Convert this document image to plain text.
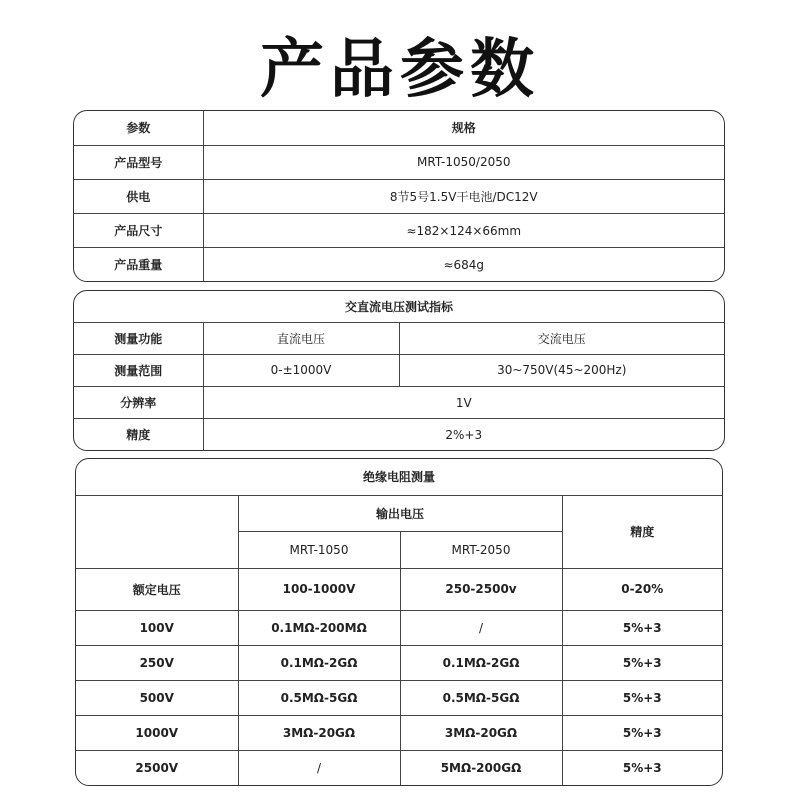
产品参数
参数	规格
产品型号	MRT-1050/2050
供电	8节5号1.5V干电池/DC12V
产品尺寸	≈182×124×66mm
产品重量	≈684g
交直流电压测试指标		
测量功能	直流电压	交流电压
测量范围	0-±1000V	30~750V(45~200Hz)
分辨率	1V	
精度	2%+3	
绝缘电阻测量			
	输出电压		精度
	MRT-1050	MRT-2050	
额定电压	100-1000V	250-2500v	0-20%
100V	0.1MΩ-200MΩ	/	5%+3
250V	0.1MΩ-2GΩ	0.1MΩ-2GΩ	5%+3
500V	0.5MΩ-5GΩ	0.5MΩ-5GΩ	5%+3
1000V	3MΩ-20GΩ	3MΩ-20GΩ	5%+3
2500V	/	5MΩ-200GΩ	5%+3
